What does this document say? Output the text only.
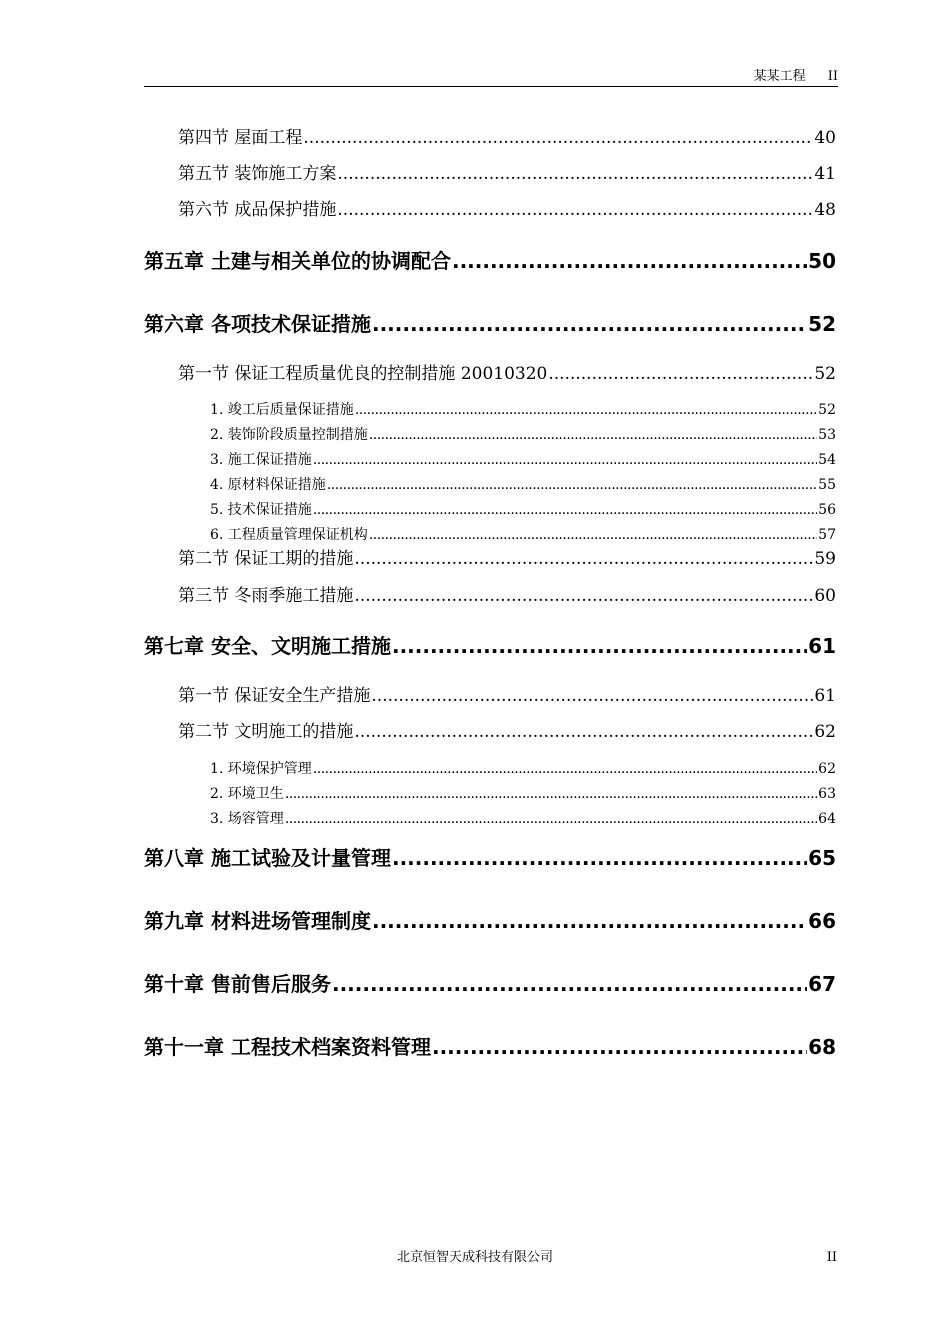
某某工程 II
第四节 屋面工程 .....	40
第五节 装饰施工方案 .....	41
第六节 成品保护措施 .....	48
第五章 土建与相关单位的协调配合 .....	50
第六章 各项技术保证措施 .....	52
第一节 保证工程质量优良的控制措施 20010320 .....	52
1. 竣工后质量保证措施 .....	52
2. 装饰阶段质量控制措施 .....	53
3. 施工保证措施 .....	54
4. 原材料保证措施 .....	55
5. 技术保证措施 .....	56
6. 工程质量管理保证机构 .....	57
第二节 保证工期的措施 .....	59
第三节 冬雨季施工措施 .....	60
第七章 安全、文明施工措施 .....	61
第一节 保证安全生产措施 .....	61
第二节 文明施工的措施 .....	62
1. 环境保护管理 .....	62
2. 环境卫生 .....	63
3. 场容管理 .....	64
第八章 施工试验及计量管理 .....	65
第九章 材料进场管理制度 .....	66
第十章 售前售后服务 .....	67
第十一章 工程技术档案资料管理 .....	68
北京恒智天成科技有限公司	II
